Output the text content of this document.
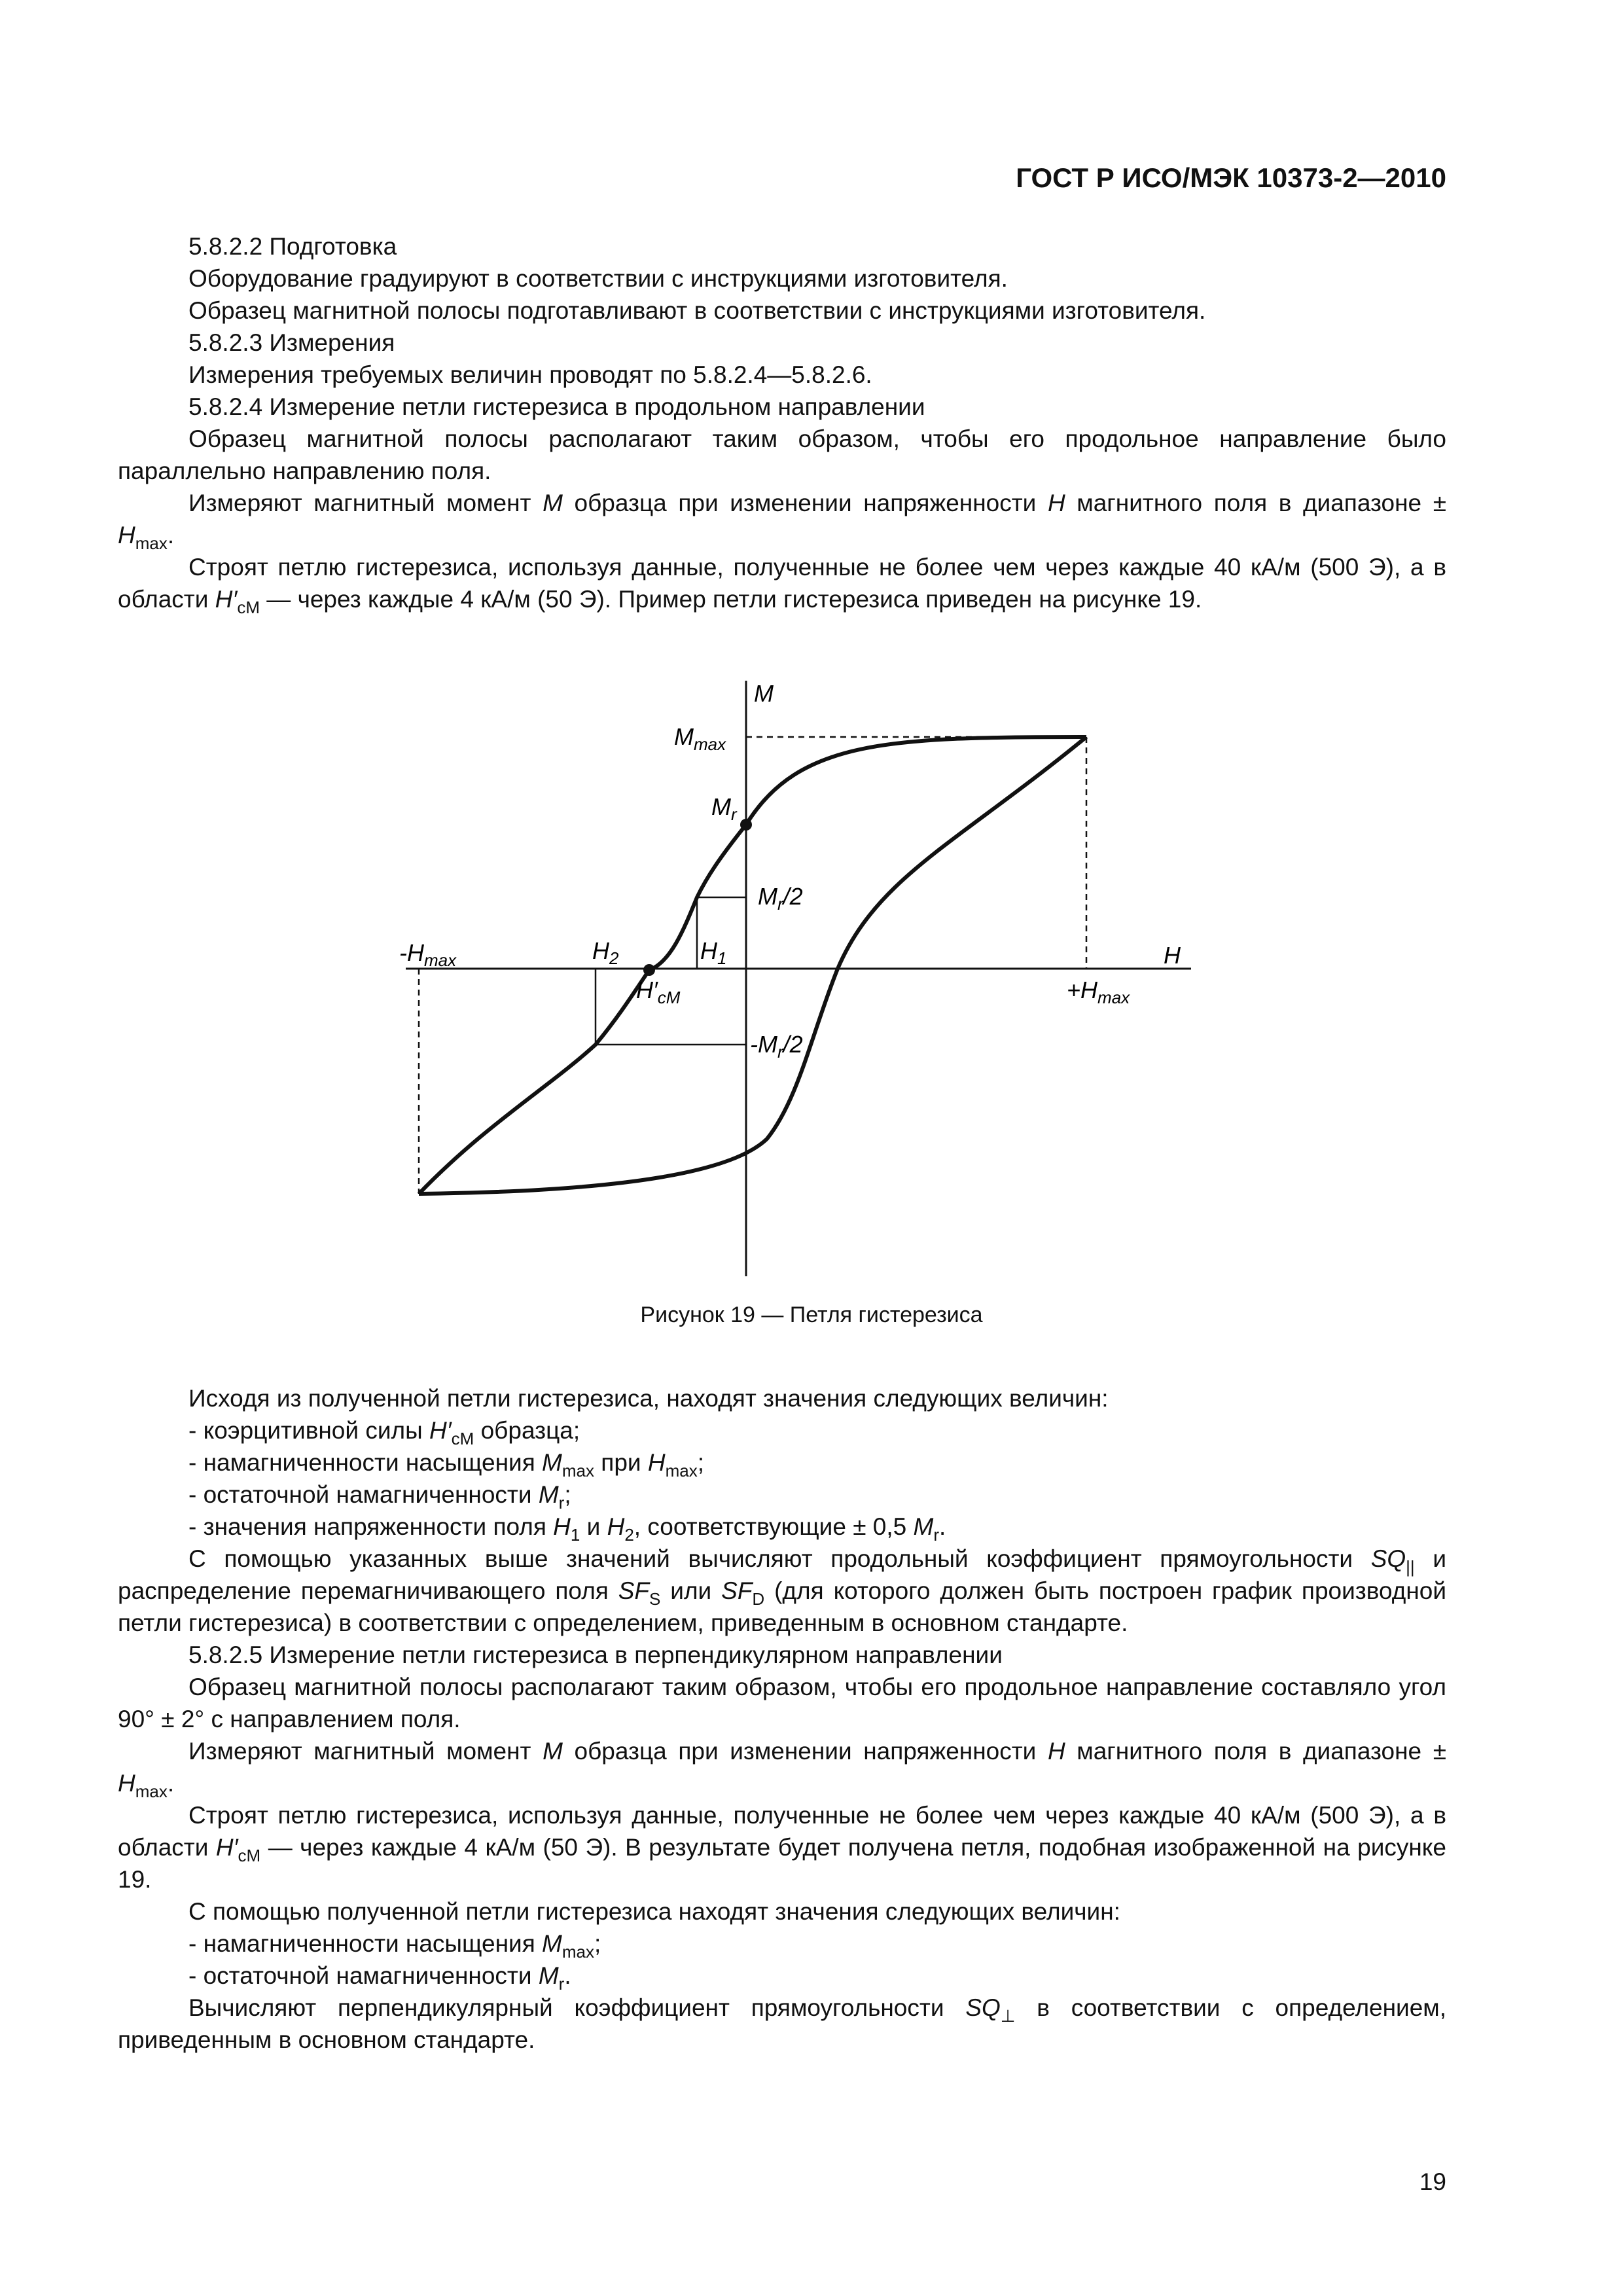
ГОСТ Р ИСО/МЭК 10373-2—2010

5.8.2.2 Подготовка

Оборудование градуируют в соответствии с инструкциями изготовителя.

Образец магнитной полосы подготавливают в соответствии с инструкциями изготовителя.

5.8.2.3 Измерения

Измерения требуемых величин проводят по 5.8.2.4—5.8.2.6.

5.8.2.4 Измерение петли гистерезиса в продольном направлении

Образец магнитной полосы располагают таким образом, чтобы его продольное направление было параллельно направлению поля.

Измеряют магнитный момент M образца при изменении напряженности H магнитного поля в диапазоне ± $H_{max}$.

Строят петлю гистерезиса, используя данные, полученные не более чем через каждые 40 кА/м (500 Э), а в области $H'_{cM}$ — через каждые 4 кА/м (50 Э). Пример петли гистерезиса приведен на рисунке 19.

M
H
$M_{max}$
$M_r$
$M_r/2$
$-M_r/2$
$-H_{max}$
$+H_{max}$
$H_2$	$H_1$
$H'_{cM}$
Рисунок 19 — Петля гистерезиса

Исходя из полученной петли гистерезиса, находят значения следующих величин:

- коэрцитивной силы $H'_{cM}$ образца;

- намагниченности насыщения $M_{max}$ при $H_{max}$;

- остаточной намагниченности $M_r$;

- значения напряженности поля $H_1$ и $H_2$, соответствующие ± 0,5 $M_r$.

С помощью указанных выше значений вычисляют продольный коэффициент прямоугольности $SQ_{||}$ и распределение перемагничивающего поля $SF_S$ или $SF_D$ (для которого должен быть построен график производной петли гистерезиса) в соответствии с определением, приведенным в основном стандарте.

5.8.2.5 Измерение петли гистерезиса в перпендикулярном направлении

Образец магнитной полосы располагают таким образом, чтобы его продольное направление составляло угол 90° ± 2° с направлением поля.

Измеряют магнитный момент M образца при изменении напряженности H магнитного поля в диапазоне ± $H_{max}$.

Строят петлю гистерезиса, используя данные, полученные не более чем через каждые 40 кА/м (500 Э), а в области $H'_{cM}$ — через каждые 4 кА/м (50 Э). В результате будет получена петля, подобная изображенной на рисунке 19.

С помощью полученной петли гистерезиса находят значения следующих величин:

- намагниченности насыщения $M_{max}$;

- остаточной намагниченности $M_r$.

Вычисляют перпендикулярный коэффициент прямоугольности $SQ_\perp$ в соответствии с определением, приведенным в основном стандарте.

19
